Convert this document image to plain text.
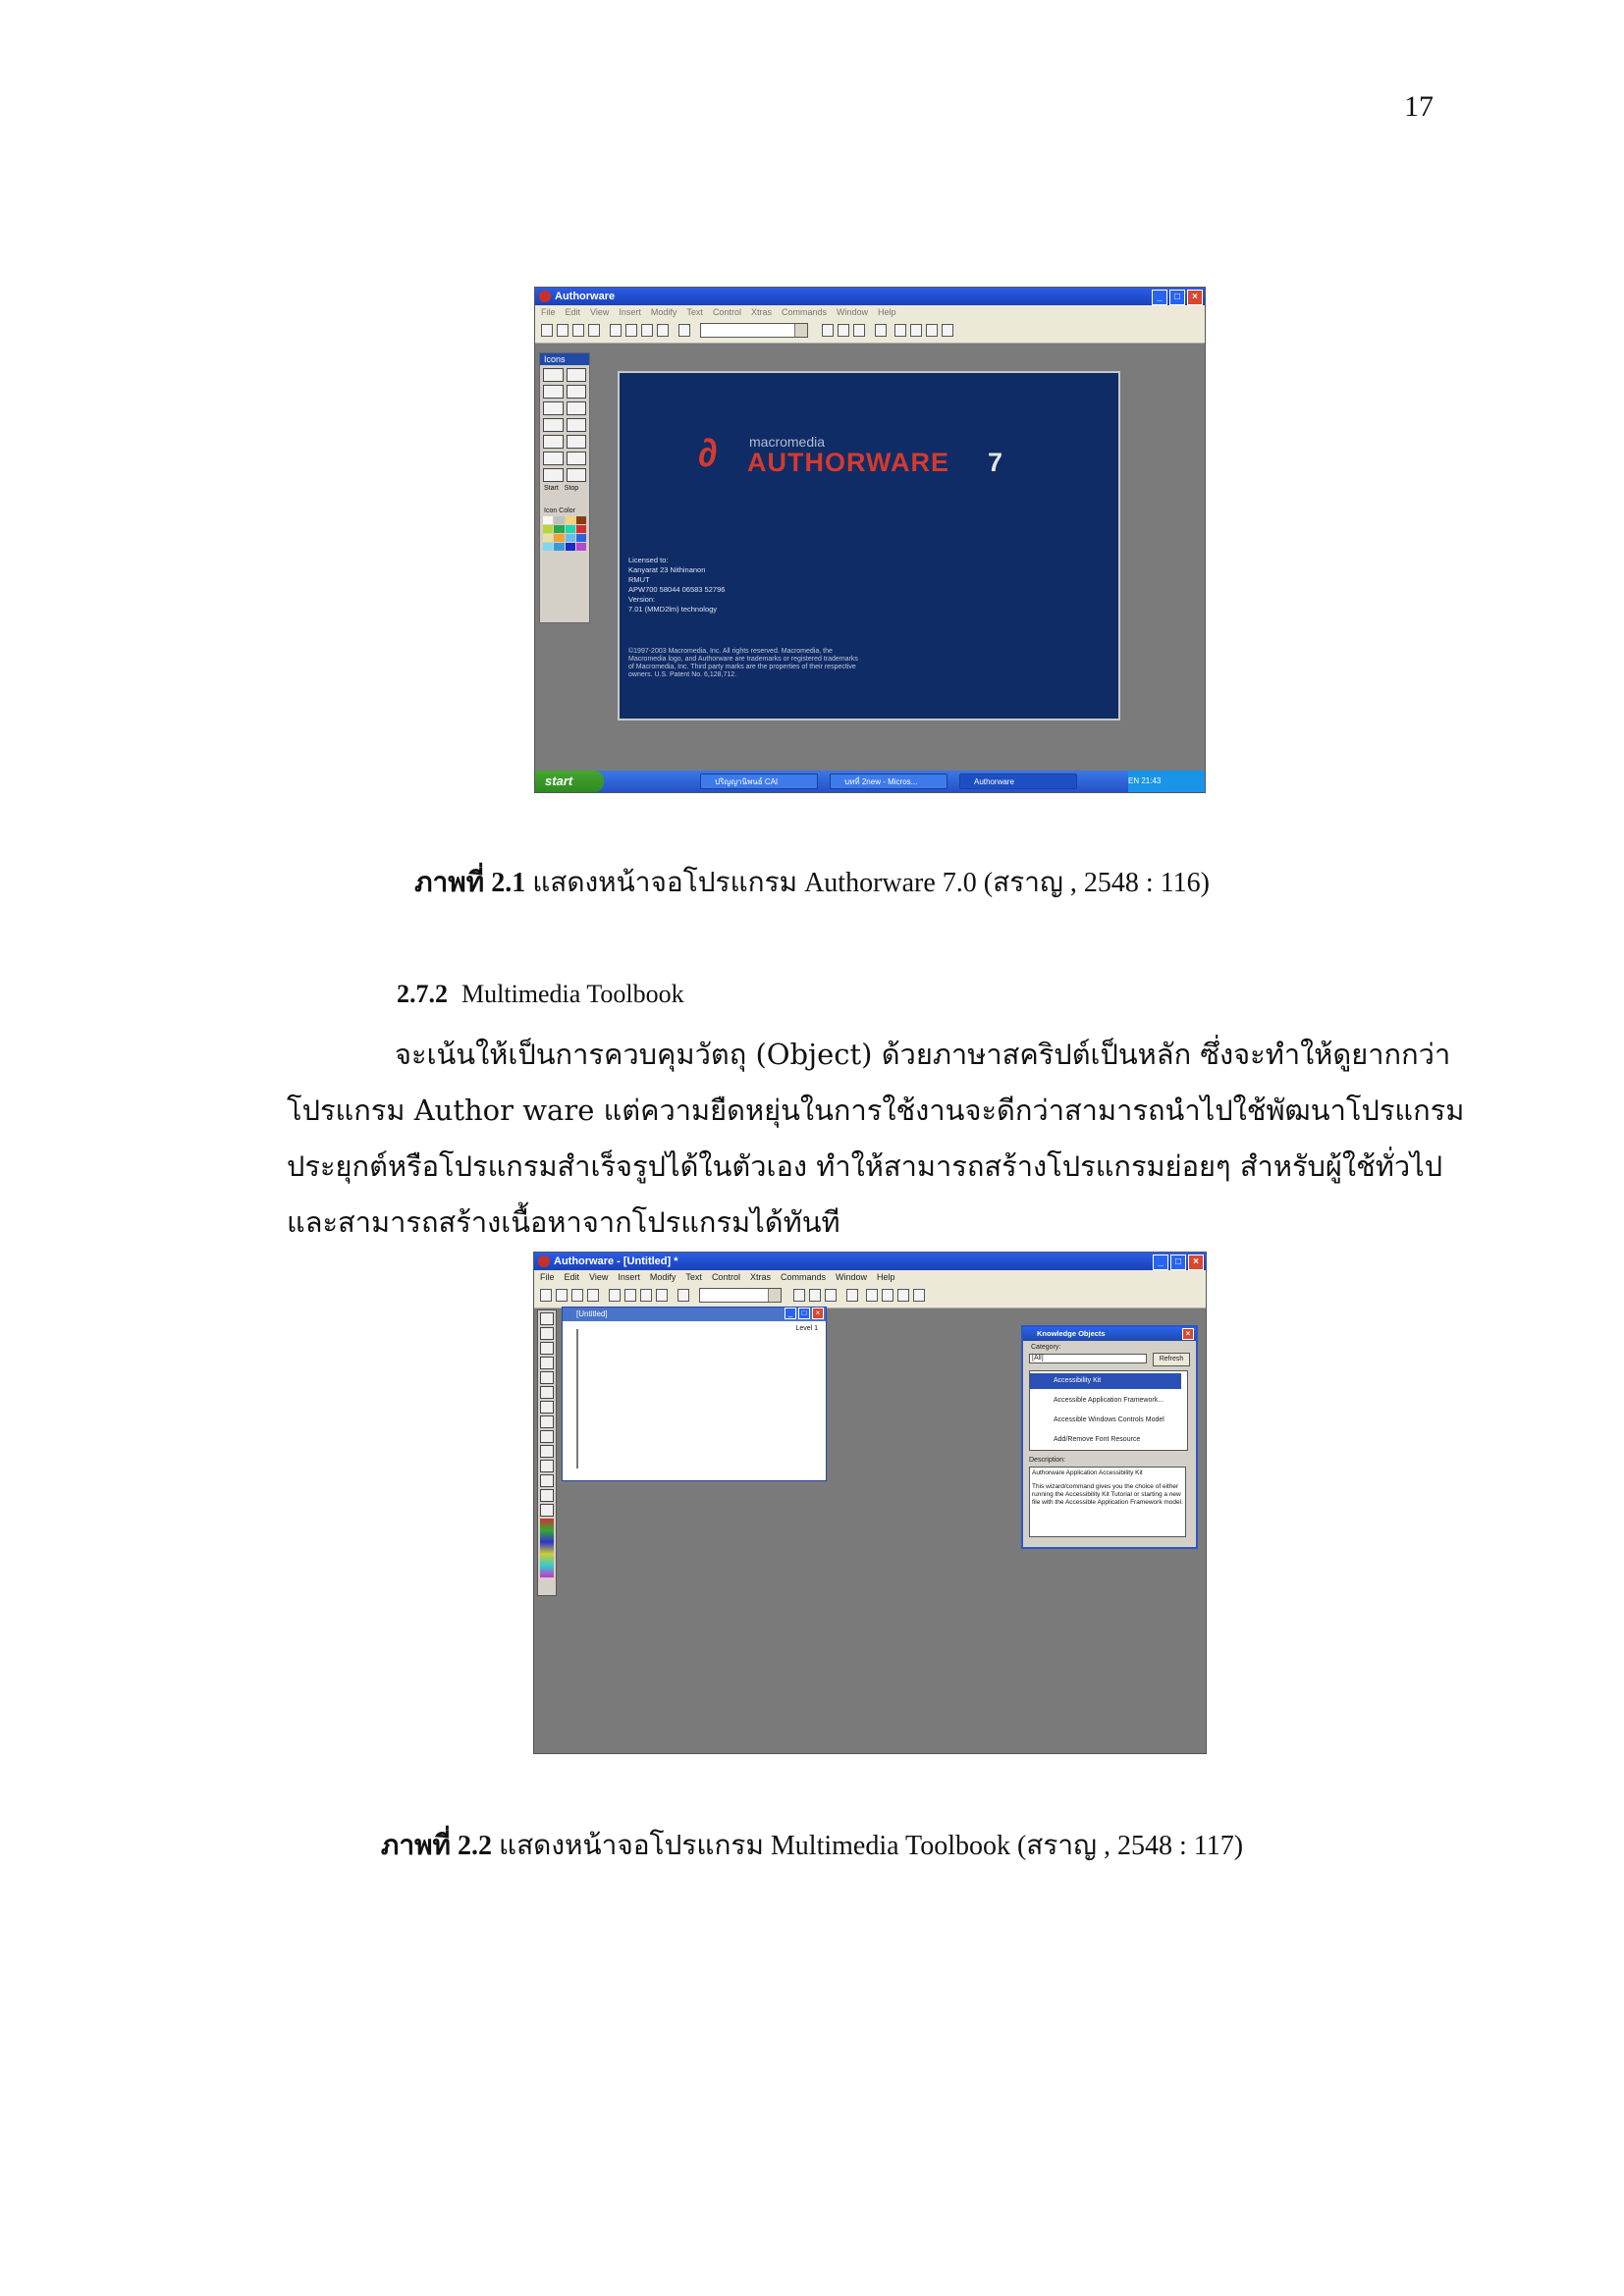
17
Authorware	_	□	×
File Edit View Insert Modify Text Control Xtras Commands Window Help
Icons
Start Stop
Icon Color
∂ macromedia
AUTHORWARE 7
Licensed to:
Kanyarat 23 Nithinanon
RMUT
APW700 58044 06583 52796
Version:
7.01 (MMD2lm) technology
©1997-2003 Macromedia, Inc. All rights reserved. Macromedia, the Macromedia logo, and Authorware are trademarks or registered trademarks of Macromedia, Inc. Third party marks are the properties of their respective owners. U.S. Patent No. 6,128,712.
start	ปริญญานิพนธ์ CAI	บทที่ 2new - Micros...	Authorware	EN 21:43
ภาพที่ 2.1 แสดงหน้าจอโปรแกรม Authorware 7.0 (สราญ , 2548 : 116)
2.7.2 Multimedia Toolbook
จะเน้นให้เป็นการควบคุมวัตถุ (Object) ด้วยภาษาสคริปต์เป็นหลัก ซึ่งจะทำให้ดูยากกว่า
โปรแกรม Author ware แต่ความยืดหยุ่นในการใช้งานจะดีกว่าสามารถนำไปใช้พัฒนาโปรแกรม
ประยุกต์หรือโปรแกรมสำเร็จรูปได้ในตัวเอง ทำให้สามารถสร้างโปรแกรมย่อยๆ สำหรับผู้ใช้ทั่วไป
และสามารถสร้างเนื้อหาจากโปรแกรมได้ทันที
Authorware - [Untitled] *	_	□	×
File Edit View Insert Modify Text Control Xtras Commands Window Help
[Untitled]	_	□	×
Level 1
Knowledge Objects	×
Category:
[All]	Refresh
Accessibility Kit
Accessible Application Framework...
Accessible Windows Controls Model
Add/Remove Font Resource
Description:
Authorware Application Accessibility Kit
This wizard/command gives you the choice of either running the Accessibility Kit Tutorial or starting a new file with the Accessible Application Framework model.
ภาพที่ 2.2 แสดงหน้าจอโปรแกรม Multimedia Toolbook (สราญ , 2548 : 117)
